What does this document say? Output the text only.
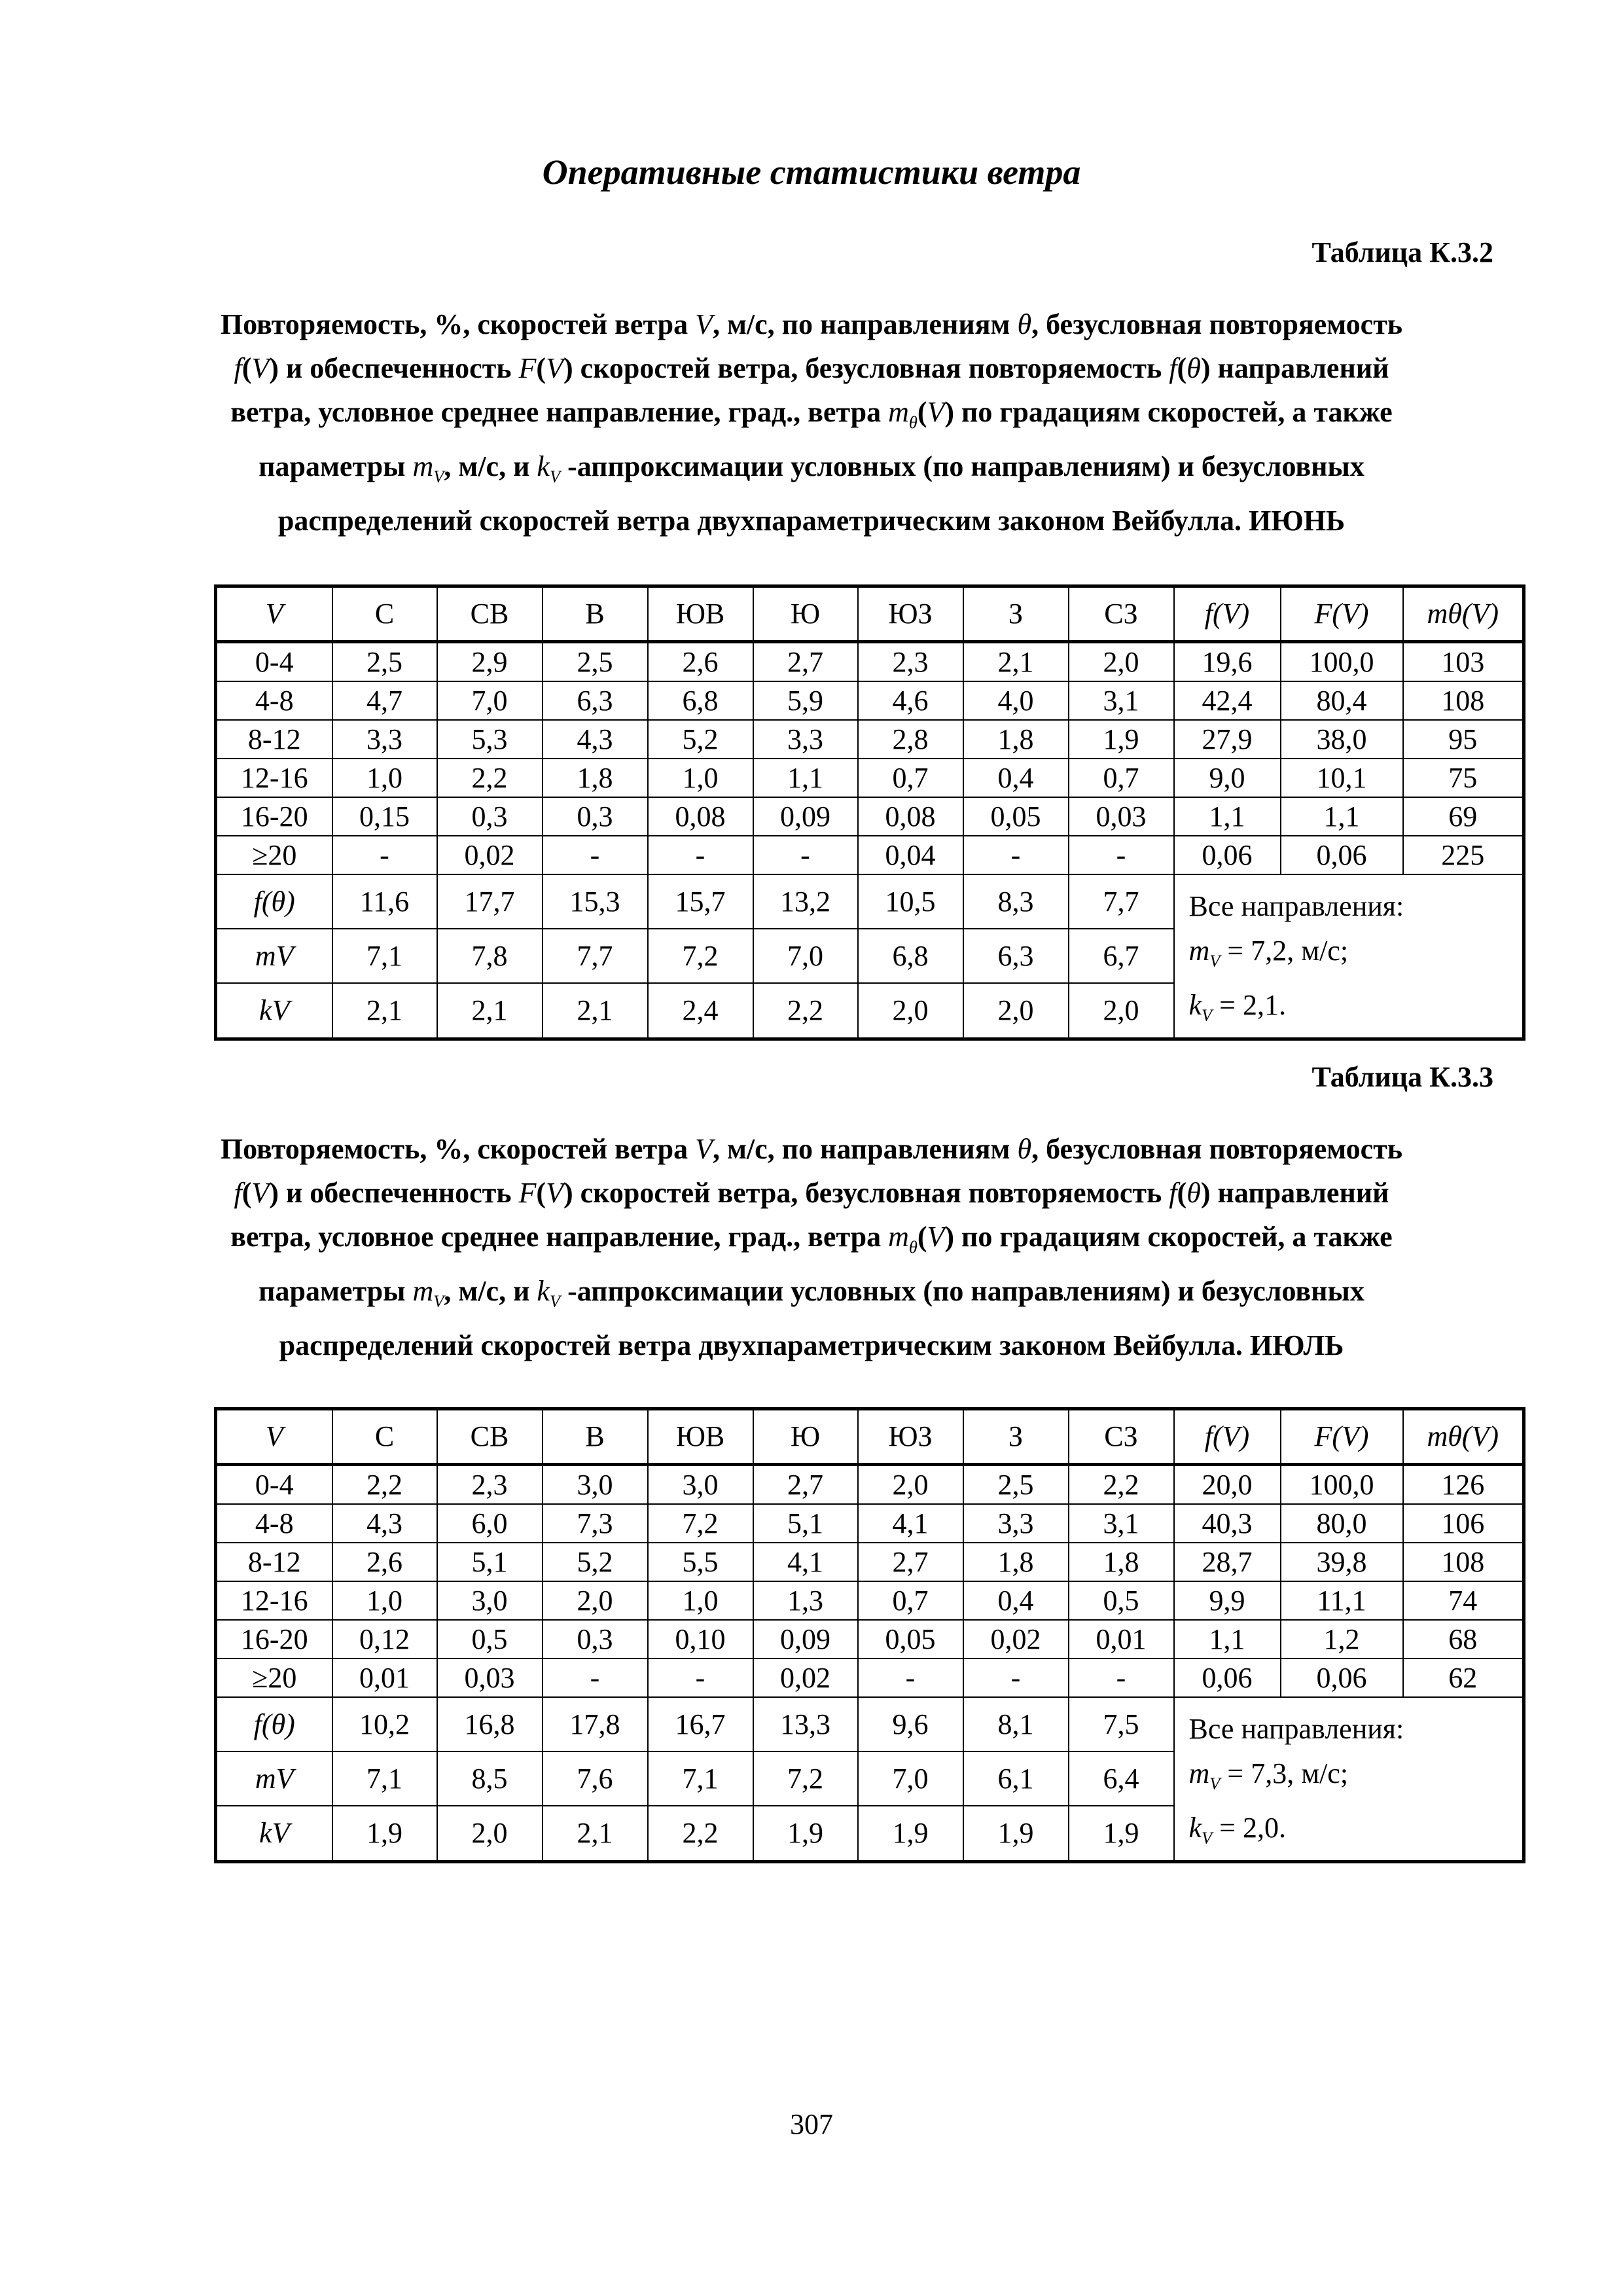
Оперативные статистики ветра
Таблица К.3.2
Повторяемость, %, скоростей ветра V, м/с, по направлениям θ, безусловная повторяемость f(V) и обеспеченность F(V) скоростей ветра, безусловная повторяемость f(θ) направлений ветра, условное среднее направление, град., ветра $m_\theta(V)$ по градациям скоростей, а также параметры $m_V$, м/с, и $k_V$ -аппроксимации условных (по направлениям) и безусловных распределений скоростей ветра двухпараметрическим законом Вейбулла. ИЮНЬ
V	С	СВ	В	ЮВ	Ю	ЮЗ	З	СЗ	f(V)	F(V)	mθ(V)
0-4	2,5	2,9	2,5	2,6	2,7	2,3	2,1	2,0	19,6	100,0	103
4-8	4,7	7,0	6,3	6,8	5,9	4,6	4,0	3,1	42,4	80,4	108
8-12	3,3	5,3	4,3	5,2	3,3	2,8	1,8	1,9	27,9	38,0	95
12-16	1,0	2,2	1,8	1,0	1,1	0,7	0,4	0,7	9,0	10,1	75
16-20	0,15	0,3	0,3	0,08	0,09	0,08	0,05	0,03	1,1	1,1	69
≥20	-	0,02	-	-	-	0,04	-	-	0,06	0,06	225
f(θ)	11,6	17,7	15,3	15,7	13,2	10,5	8,3	7,7	Все направления:
$m_V = 7,2$, м/с;
$k_V = 2,1$.		

mV	7,1	7,8	7,7	7,2	7,0	6,8	6,3	6,7			
kV	2,1	2,1	2,1	2,4	2,2	2,0	2,0	2,0			
Таблица К.3.3
Повторяемость, %, скоростей ветра V, м/с, по направлениям θ, безусловная повторяемость f(V) и обеспеченность F(V) скоростей ветра, безусловная повторяемость f(θ) направлений ветра, условное среднее направление, град., ветра $m_\theta(V)$ по градациям скоростей, а также параметры $m_V$, м/с, и $k_V$ -аппроксимации условных (по направлениям) и безусловных распределений скоростей ветра двухпараметрическим законом Вейбулла. ИЮЛЬ
V	С	СВ	В	ЮВ	Ю	ЮЗ	З	СЗ	f(V)	F(V)	mθ(V)
0-4	2,2	2,3	3,0	3,0	2,7	2,0	2,5	2,2	20,0	100,0	126
4-8	4,3	6,0	7,3	7,2	5,1	4,1	3,3	3,1	40,3	80,0	106
8-12	2,6	5,1	5,2	5,5	4,1	2,7	1,8	1,8	28,7	39,8	108
12-16	1,0	3,0	2,0	1,0	1,3	0,7	0,4	0,5	9,9	11,1	74
16-20	0,12	0,5	0,3	0,10	0,09	0,05	0,02	0,01	1,1	1,2	68
≥20	0,01	0,03	-	-	0,02	-	-	-	0,06	0,06	62
f(θ)	10,2	16,8	17,8	16,7	13,3	9,6	8,1	7,5	Все направления:
$m_V = 7,3$, м/с;
$k_V = 2,0$.		

mV	7,1	8,5	7,6	7,1	7,2	7,0	6,1	6,4			
kV	1,9	2,0	2,1	2,2	1,9	1,9	1,9	1,9			
307
